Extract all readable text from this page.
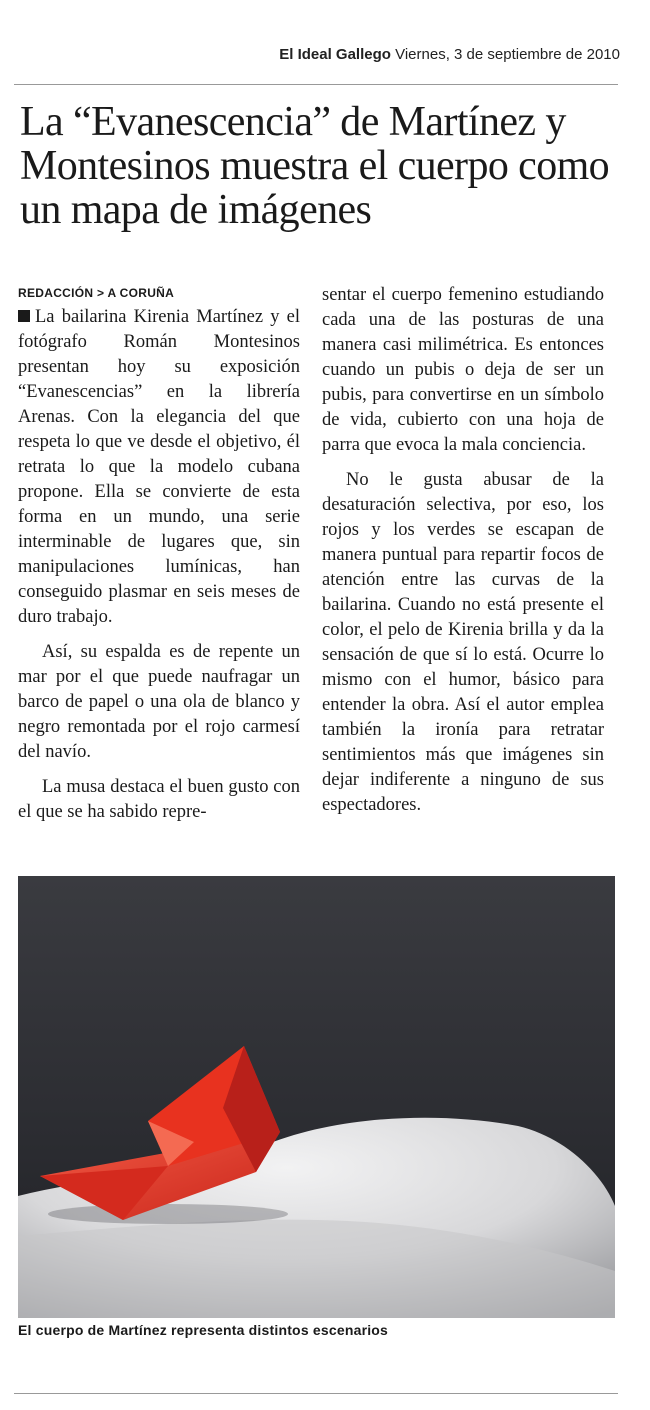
El Ideal Gallego Viernes, 3 de septiembre de 2010
La “Evanescencia” de Martínez y Montesinos muestra el cuerpo como un mapa de imágenes
REDACCIÓN > A CORUÑA

La bailarina Kirenia Martínez y el fotógrafo Román Montesinos presentan hoy su exposición “Evanescencias” en la librería Arenas. Con la elegancia del que respeta lo que ve desde el objetivo, él retrata lo que la modelo cubana propone. Ella se convierte de esta forma en un mundo, una serie interminable de lugares que, sin manipulaciones lumínicas, han conseguido plasmar en seis meses de duro trabajo.

Así, su espalda es de repente un mar por el que puede naufragar un barco de papel o una ola de blanco y negro remontada por el rojo carmesí del navío.

La musa destaca el buen gusto con el que se ha sabido repre-

sentar el cuerpo femenino estudiando cada una de las posturas de una manera casi milimétrica. Es entonces cuando un pubis o deja de ser un pubis, para convertirse en un símbolo de vida, cubierto con una hoja de parra que evoca la mala conciencia.

No le gusta abusar de la desaturación selectiva, por eso, los rojos y los verdes se escapan de manera puntual para repartir focos de atención entre las curvas de la bailarina. Cuando no está presente el color, el pelo de Kirenia brilla y da la sensación de que sí lo está. Ocurre lo mismo con el humor, básico para entender la obra. Así el autor emplea también la ironía para retratar sentimientos más que imágenes sin dejar indiferente a ninguno de sus espectadores.

El cuerpo de Martínez representa distintos escenarios
